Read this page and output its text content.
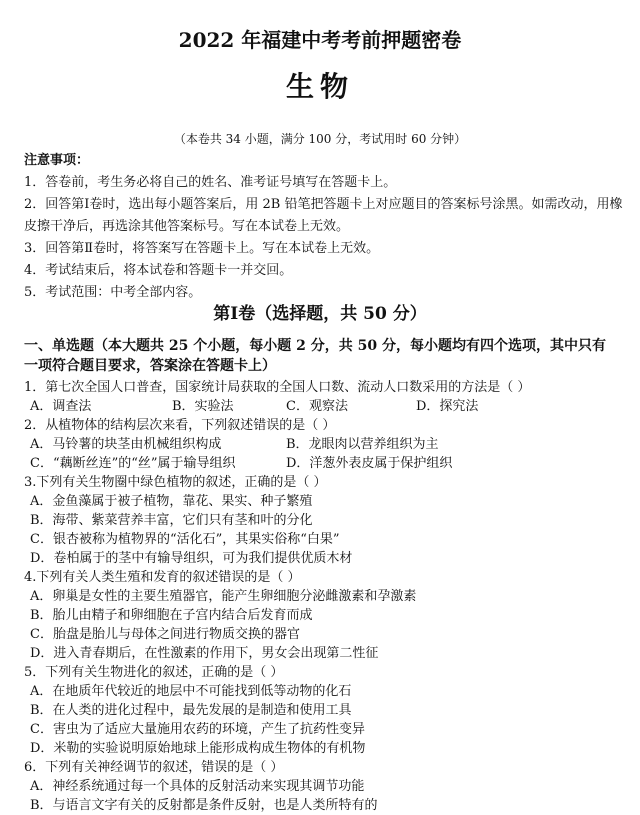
2022 年福建中考考前押题密卷
生物
（本卷共 34 小题，满分 100 分，考试用时 60 分钟）
注意事项：
1．答卷前，考生务必将自己的姓名、准考证号填写在答题卡上。
2．回答第Ⅰ卷时，选出每小题答案后，用 2B 铅笔把答题卡上对应题目的答案标号涂黑。如需改动，用橡
皮擦干净后，再选涂其他答案标号。写在本试卷上无效。
3．回答第Ⅱ卷时，将答案写在答题卡上。写在本试卷上无效。
4．考试结束后，将本试卷和答题卡一并交回。
5．考试范围：中考全部内容。
第Ⅰ卷（选择题，共 50 分）
一、单选题（本大题共 25 个小题，每小题 2 分，共 50 分，每小题均有四个选项，其中只有
一项符合题目要求，答案涂在答题卡上）
1．第七次全国人口普查，国家统计局获取的全国人口数、流动人口数采用的方法是（ ）
A．调查法	B．实验法	C．观察法	D．探究法
2．从植物体的结构层次来看，下列叙述错误的是（ ）
A．马铃薯的块茎由机械组织构成	B．龙眼肉以营养组织为主
C．“藕断丝连”的“丝”属于输导组织	D．洋葱外表皮属于保护组织
3.下列有关生物圈中绿色植物的叙述，正确的是（ ）
A．金鱼藻属于被子植物，靠花、果实、种子繁殖
B．海带、紫菜营养丰富，它们只有茎和叶的分化
C．银杏被称为植物界的“活化石”，其果实俗称“白果”
D．卷柏属于的茎中有输导组织，可为我们提供优质木材
4.下列有关人类生殖和发育的叙述错误的是（ ）
A．卵巢是女性的主要生殖器官，能产生卵细胞分泌雌激素和孕激素
B．胎儿由精子和卵细胞在子宫内结合后发育而成
C．胎盘是胎儿与母体之间进行物质交换的器官
D．进入青春期后，在性激素的作用下，男女会出现第二性征
5．下列有关生物进化的叙述，正确的是（ ）
A．在地质年代较近的地层中不可能找到低等动物的化石
B．在人类的进化过程中，最先发展的是制造和使用工具
C．害虫为了适应大量施用农药的环境，产生了抗药性变异
D．米勒的实验说明原始地球上能形成构成生物体的有机物
6．下列有关神经调节的叙述，错误的是（ ）
A．神经系统通过每一个具体的反射活动来实现其调节功能
B．与语言文字有关的反射都是条件反射，也是人类所特有的
